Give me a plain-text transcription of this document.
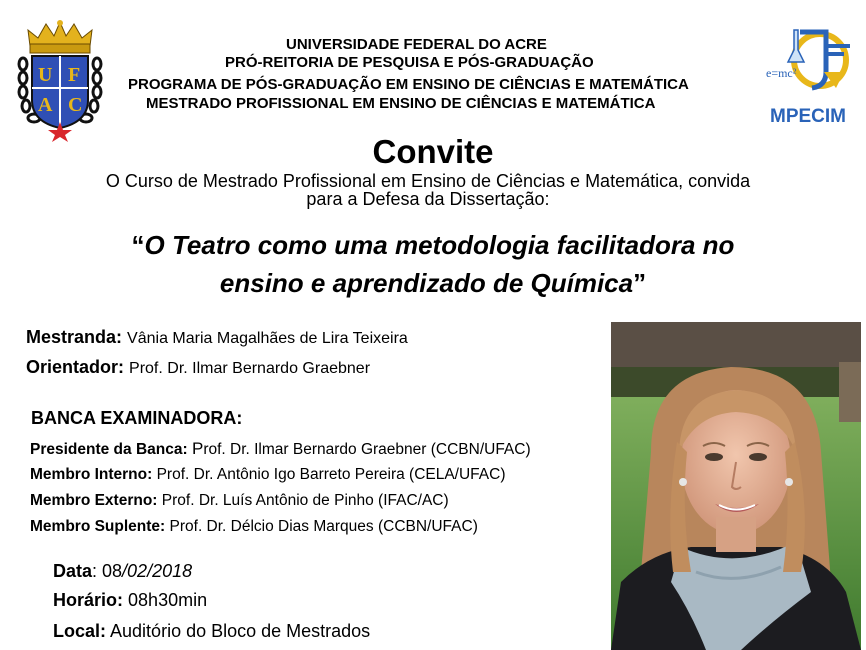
U F
A C
UNIVERSIDADE FEDERAL DO ACRE
PRÓ-REITORIA DE PESQUISA E PÓS-GRADUAÇÃO
PROGRAMA DE PÓS-GRADUAÇÃO EM ENSINO DE CIÊNCIAS E MATEMÁTICA
MESTRADO PROFISSIONAL EM ENSINO DE CIÊNCIAS E MATEMÁTICA
e=mc²
MPECIM
Convite
O Curso de Mestrado Profissional em Ensino de Ciências e Matemática, convida
para a Defesa da Dissertação:
“O Teatro como uma metodologia facilitadora no
ensino e aprendizado de Química”
Mestranda: Vânia Maria Magalhães de Lira Teixeira
Orientador: Prof. Dr. Ilmar Bernardo Graebner
BANCA EXAMINADORA:
Presidente da Banca: Prof. Dr. Ilmar Bernardo Graebner (CCBN/UFAC)
Membro Interno: Prof. Dr. Antônio Igo Barreto Pereira (CELA/UFAC)
Membro Externo: Prof. Dr. Luís Antônio de Pinho (IFAC/AC)
Membro Suplente: Prof. Dr. Délcio Dias Marques (CCBN/UFAC)
Data: 08/02/2018
Horário: 08h30min
Local: Auditório do Bloco de Mestrados
